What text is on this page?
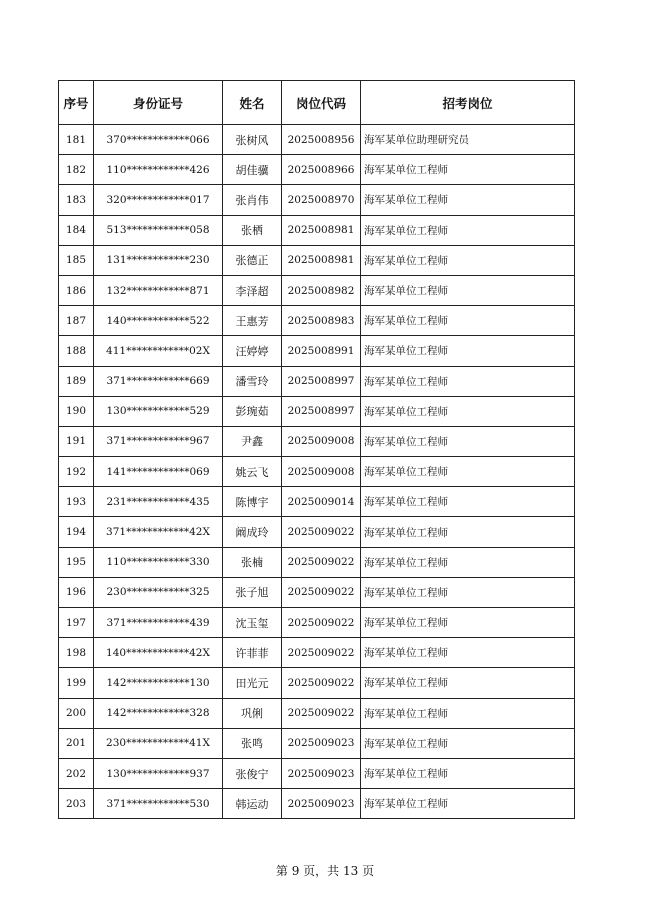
序号	身份证号	姓名	岗位代码	招考岗位
181	370************066	张树风	2025008956	海军某单位助理研究员
182	110************426	胡佳骥	2025008966	海军某单位工程师
183	320************017	张肖伟	2025008970	海军某单位工程师
184	513************058	张栖	2025008981	海军某单位工程师
185	131************230	张德正	2025008981	海军某单位工程师
186	132************871	李泽超	2025008982	海军某单位工程师
187	140************522	王惠芳	2025008983	海军某单位工程师
188	411************02X	汪婷婷	2025008991	海军某单位工程师
189	371************669	潘雪玲	2025008997	海军某单位工程师
190	130************529	彭琬茹	2025008997	海军某单位工程师
191	371************967	尹鑫	2025009008	海军某单位工程师
192	141************069	姚云飞	2025009008	海军某单位工程师
193	231************435	陈博宇	2025009014	海军某单位工程师
194	371************42X	阚成玲	2025009022	海军某单位工程师
195	110************330	张楠	2025009022	海军某单位工程师
196	230************325	张子旭	2025009022	海军某单位工程师
197	371************439	沈玉玺	2025009022	海军某单位工程师
198	140************42X	许菲菲	2025009022	海军某单位工程师
199	142************130	田光元	2025009022	海军某单位工程师
200	142************328	巩俐	2025009022	海军某单位工程师
201	230************41X	张鸣	2025009023	海军某单位工程师
202	130************937	张俊宁	2025009023	海军某单位工程师
203	371************530	韩运动	2025009023	海军某单位工程师
第 9 页，共 13 页
